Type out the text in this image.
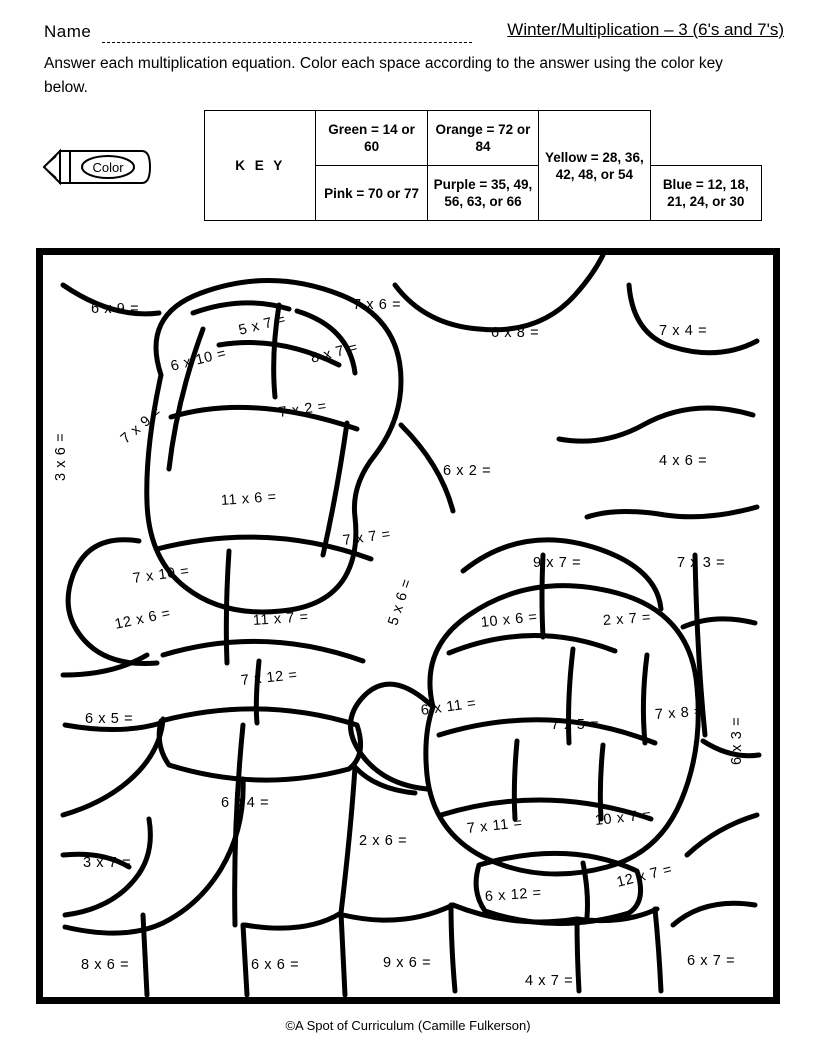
Name	Winter/Multiplication – 3 (6's and 7's)
Answer each multiplication equation. Color each space according to the answer using the color key below.
Color	K E Y	Green = 14 or 60	Orange = 72 or 84	Yellow = 28, 36, 42, 48, or 54	
	Pink = 70 or 77	Purple = 35, 49, 56, 63, or 66		Blue = 12, 18, 21, 24, or 30
6 x 9 =	7 x 6 =
6 x 8 =	7 x 4 =
5 x 7 =
8 x 7 =
6 x 10 =
7 x 2 =
7 x 9 =
6 x 2 =
4 x 6 =
3 x 6 =
11 x 6 =
7 x 7 =
9 x 7 =	7 x 3 =
7 x 10 =
10 x 6 =	2 x 7 =
11 x 7 =
12 x 6 =	5 x 6 =
7 x 12 =
6 x 11 =
7 x 5 =
7 x 8 =
6 x 5 =	6 x 3 =
6 x 4 =
2 x 6 =
7 x 11 =	10 x 7 =
3 x 7 =
6 x 12 =
12 x 7 =
8 x 6 =	6 x 6 =	9 x 6 =
4 x 7 =
6 x 7 =
©A Spot of Curriculum (Camille Fulkerson)
